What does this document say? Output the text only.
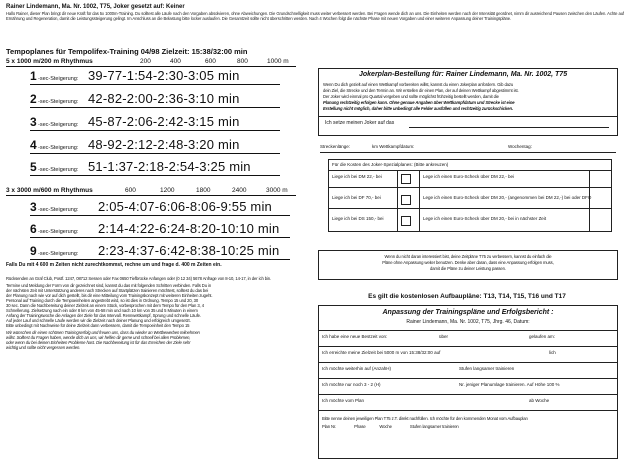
Rainer Lindemann, Ma. Nr. 1002, T75, Joker gesetzt auf: Keiner
Hallo Rainer, dieser Plan bringt dir neue Kraft für das 5x 1000m-Training. Du solltest alle Läufe nach den Vorgaben absolvieren, ohne Abweichungen. Die Grundschnelligkeit muss weiter verbessert werden. Bei Fragen wende dich an uns. Die Einheiten werden nach der Intensität geordnet, nimm dir ausreichend Pausen zwischen den Läufen. Achte auf Ernährung und Regeneration, damit die Leistungssteigerung gelingt. Im Anschluss an die Belastung bitte locker auslaufen. Die Gesamtzeit sollte nicht überschritten werden. Nach 4 Wochen folgt die nächste Phase mit neuen Vorgaben und einer weiteren Anpassung deiner Trainingspläne.
Tempoplanes für Tempolifex-Training 04/98 Zielzeit: 15:38/32:00 min
5 x 1000 m/200 m Rhythmus	200	400	600	800	1000 m
1 -sec-Steigerung: 39-77-1:54-2:30-3:05 min
2 -sec-Steigerung: 42-82-2:00-2:36-3:10 min
3 -sec-Steigerung: 45-87-2:06-2:42-3:15 min
4 -sec-Steigerung: 48-92-2:12-2:48-3:20 min
5 -sec-Steigerung: 51-1:37-2:18-2:54-3:25 min
3 x 3000 m/600 m Rhythmus	600	1200	1800	2400	3000 m
3 -sec-Steigerung: 2:05-4:07-6:06-8:06-9:55 min
6 -sec-Steigerung: 2:14-4:22-6:24-8:20-10:10 min
9 -sec-Steigerung: 2:23-4:37-6:42-8:38-10:25 min
Falls Du mit 4 600 m Zeiten nicht zurechtkommst, rechne um und frage d. 400 m Zeiten ein.
Rücksenden an Graf Club, Postf. 1247, 08712 Sessen oder Fax 0650 Tiefbrücke Anfangen oder (0 12 34) 5678 Anfrage von 8-10, 14-17, in der ich bin.
Termine und Meldung der Form von dir gezeichnet sind, kannst du das mit folgenden Schritten verbinden. Falls Du in
der nächsten Zeit mit Unterstützung anderes nach Strecken auf Startplätzen trainieren möchtest, solltest du das bei
der Planung nach wie vor auf dich gestellt, bis dir eine Mitteilung vom Trainingskonzept mit weiteren Einheiten zugeht.
Personal auf Training durch die Tempoeinheiten angestrebt wird, so ist dies in Ordnung. Tempo 15 und 20, 30
30 sec. Dann die Nachbereitung deiner Zielzeit an einem Stück, vorbesprochen mit dem Tempo für den Plan 3, 4
Schnellerung. Zielsetzung nach ein oder 8 km von 45-58 min und nach 10 km von 35 und 5 Minuten in einem
Anfang der Trainingswoche die Anlagen der Ziele für das Intervall. Rennwettkampf, Sprung und schnelle Läufe.
Auf jeder Lauf und schnelle Läufe werden wir die Zielzeit nach deiner Planung und erfolgreich umgesetzt.
Bitte unbedingt mit Nachweise für deine Zielzeit dann verbessern, damit die Tempoeinheit den Tempo 15
Wir wünschen dir einen schönen Trainingserfolg und freuen uns, dass du wieder an Wettbewerben teilnehmen
willst. Solltest du Fragen haben, wende dich an uns, wir helfen dir gerne und schnell bei allen Problemen,
oder wenn du bei deinen Einheiten Probleme hast. Die Nachbereitung ist für das Erreichen der Ziele sehr
wichtig und sollte nicht vergessen werden.
Jokerplan-Bestellung für: Rainer Lindemann, Ma. Nr. 1002, T75
Wenn Du dich gezielt auf einen Wettkampf vorbereiten willst, kannst du einen Jokerplan anfordern. Gib dazu
dein Ziel, die Strecke und den Termin an. Wir erstellen dir einen Plan, der auf deinen Wettkampf abgestimmt ist.
Der Joker wird einmal pro Quartal vergeben und sollte möglichst frühzeitig bestellt werden, damit die
Planung rechtzeitig erfolgen kann. Ohne genaue Angaben über Wettkampfdatum und Strecke ist eine
Erstellung nicht möglich, daher bitte unbedingt alle Felder ausfüllen und rechtzeitig zurückschicken.
Ich setze meinen Joker auf das
Streckenlänge:	km Wettkampfdatum:	Wochentag:
Für die Kosten des Joker-Spezialplanes: (Bitte ankreuzen)
Liege ich bei DM 22,- bei	Lege ich einen Euro-Scheck über DM 22,- bei
Liege ich bei DF 70,- bei	Lege ich einen Euro-Scheck über DM 20,- (angenommen bei DM 22,-) bei oder DFO
Liege ich bei DS 150,- bei	Lege ich einen Euro-Scheck über DM 20,- bei in nächster Zeit
Wenn du nicht daran interessiert bist, deine Zeitpläne T75 zu verbessern, kannst du einfach die
Pläne ohne Anpassung weiter benutzen. Denke aber daran, dass eine Anpassung erfolgen muss,
damit die Pläne zu deiner Leistung passen.
Es gilt die kostenlosen Aufbaupläne: T13, T14, T15, T16 und T17
Anpassung der Trainingspläne und Erfolgsbericht :
Rainer Lindemann, Ma. Nr. 1002, T75, Jhrg. 46, Datum:
Ich habe eine neue Bestzeit von:	über	gelaufen am:
Ich erreichte meine Zielzeit bei 5000 m von 15:38/32:00 auf	lich
Ich möchte weiterhin auf (AnzahH)	Stufen langsamer trainieren
Ich möchte nur noch 3 - 2 (H)	Nr. jeniger Planumlage trainieren. Auf Höhe 100 %
Ich möchte vom Plan	ab Woche
Bitte nenne deinen jeweiligen Plan T75 z.T. direkt nachfüllen. Ich möchte für den kommenden Monat vom Aufbauplan
Plan Nr.                 Phase             Woche                 Stufen langsamer trainieren
